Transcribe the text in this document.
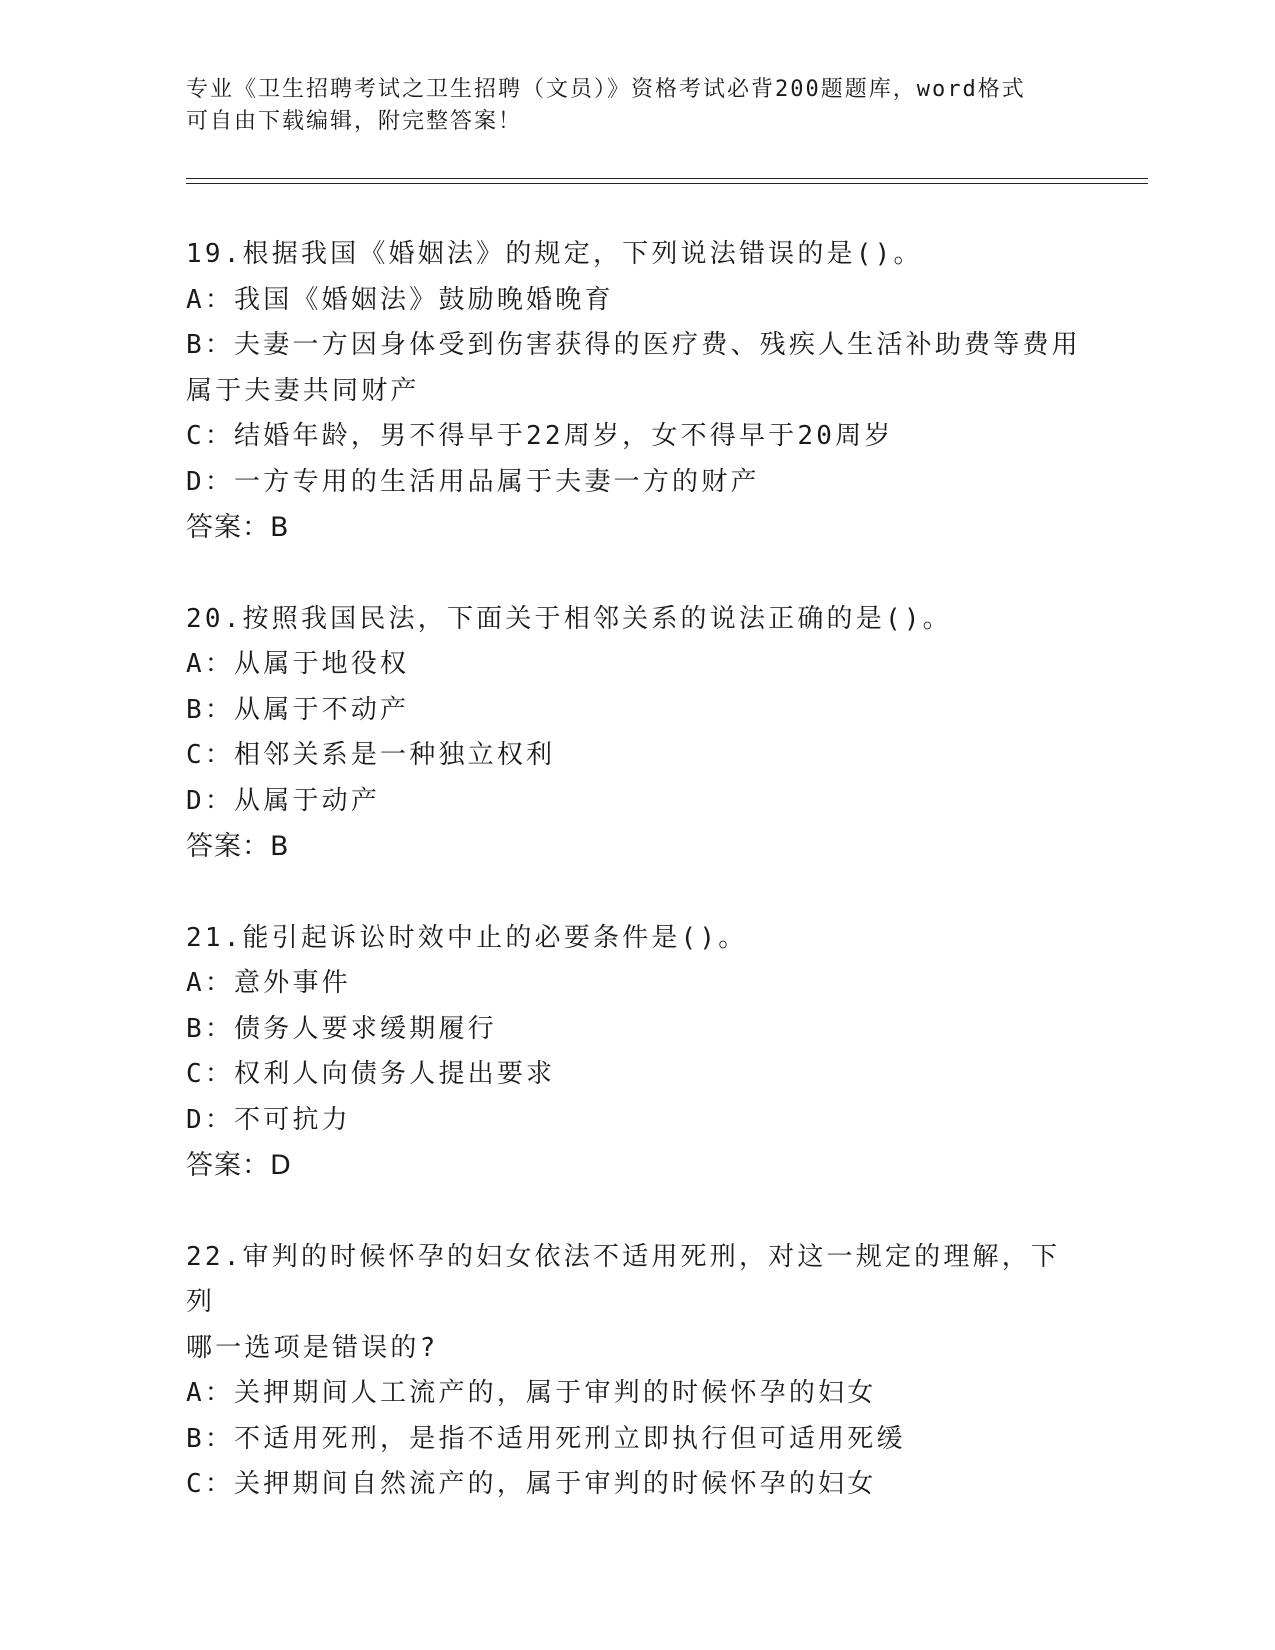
专业《卫生招聘考试之卫生招聘（文员）》资格考试必背200题题库，word格式
可自由下载编辑，附完整答案！
19.根据我国《婚姻法》的规定，下列说法错误的是()。
A：我国《婚姻法》鼓励晚婚晚育
B：夫妻一方因身体受到伤害获得的医疗费、残疾人生活补助费等费用
属于夫妻共同财产
C：结婚年龄，男不得早于22周岁，女不得早于20周岁
D：一方专用的生活用品属于夫妻一方的财产
答案：B
20.按照我国民法，下面关于相邻关系的说法正确的是()。
A：从属于地役权
B：从属于不动产
C：相邻关系是一种独立权利
D：从属于动产
答案：B
21.能引起诉讼时效中止的必要条件是()。
A：意外事件
B：债务人要求缓期履行
C：权利人向债务人提出要求
D：不可抗力
答案：D
22.审判的时候怀孕的妇女依法不适用死刑，对这一规定的理解，下列
哪一选项是错误的?
A：关押期间人工流产的，属于审判的时候怀孕的妇女
B：不适用死刑，是指不适用死刑立即执行但可适用死缓
C：关押期间自然流产的，属于审判的时候怀孕的妇女
